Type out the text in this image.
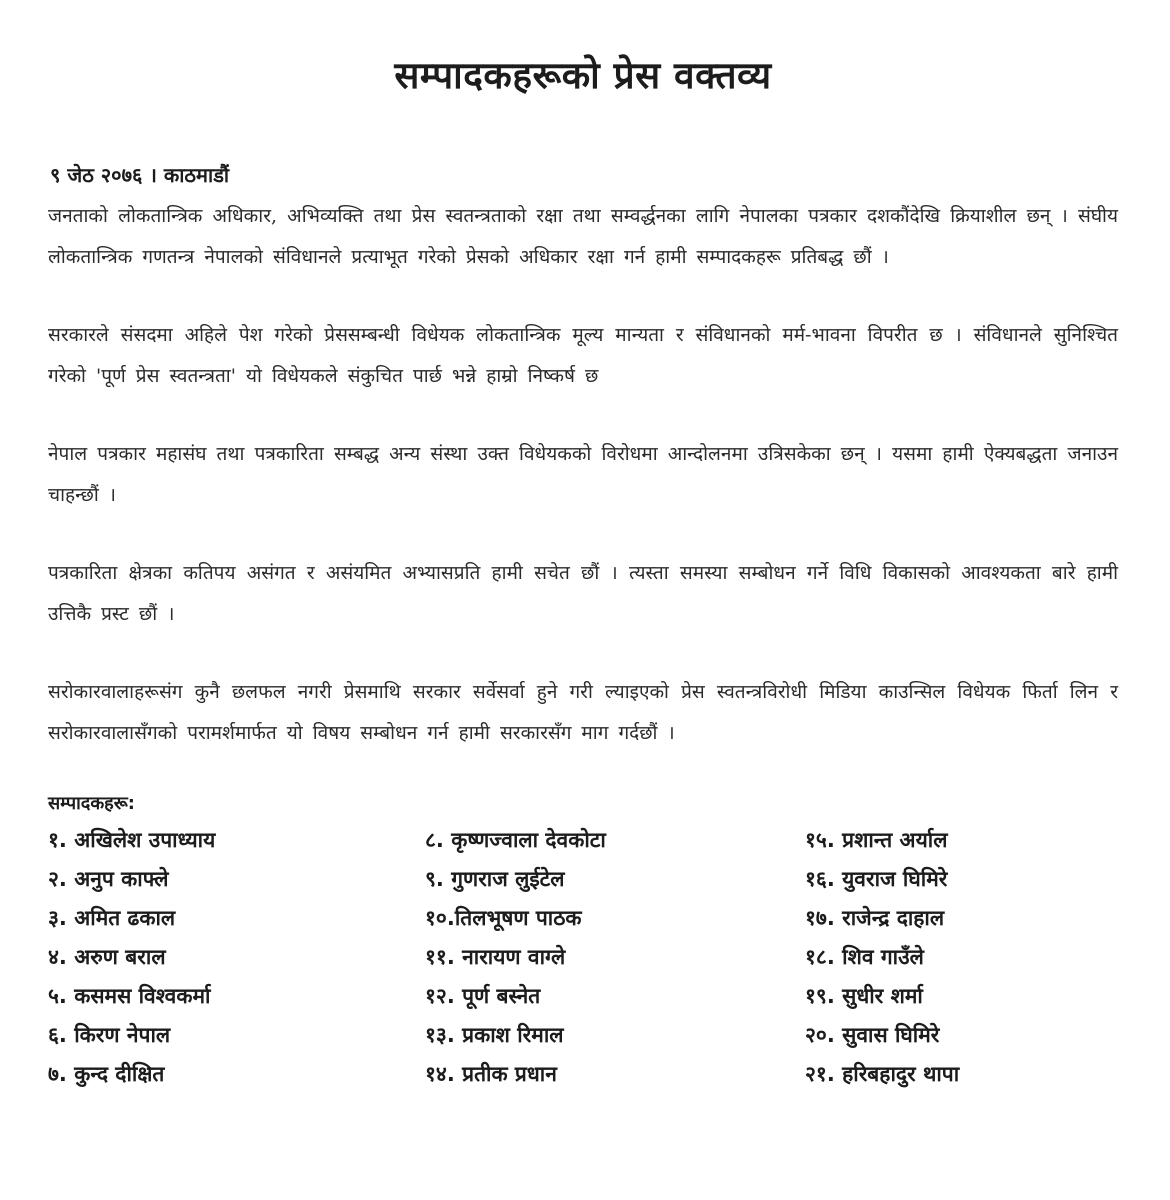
सम्पादकहरूको प्रेस वक्तव्य
९ जेठ २०७६ । काठमाडौं

जनताको लोकतान्त्रिक अधिकार, अभिव्यक्ति तथा प्रेस स्वतन्त्रताको रक्षा तथा सम्वर्द्धनका लागि नेपालका पत्रकार दशकौंदेखि क्रियाशील छन् । संघीय लोकतान्त्रिक गणतन्त्र नेपालको संविधानले प्रत्याभूत गरेको प्रेसको अधिकार रक्षा गर्न हामी सम्पादकहरू प्रतिबद्ध छौं ।

सरकारले संसदमा अहिले पेश गरेको प्रेससम्बन्धी विधेयक लोकतान्त्रिक मूल्य मान्यता र संविधानको मर्म-भावना विपरीत छ । संविधानले सुनिश्चित गरेको 'पूर्ण प्रेस स्वतन्त्रता' यो विधेयकले संकुचित पार्छ भन्ने हाम्रो निष्कर्ष छ

नेपाल पत्रकार महासंघ तथा पत्रकारिता सम्बद्ध अन्य संस्था उक्त विधेयकको विरोधमा आन्दोलनमा उत्रिसकेका छन् । यसमा हामी ऐक्यबद्धता जनाउन चाहन्छौं ।

पत्रकारिता क्षेत्रका कतिपय असंगत र असंयमित अभ्यासप्रति हामी सचेत छौं । त्यस्ता समस्या सम्बोधन गर्ने विधि विकासको आवश्यकता बारे हामी उत्तिकै प्रस्ट छौं ।

सरोकारवालाहरूसंग कुनै छलफल नगरी प्रेसमाथि सरकार सर्वेसर्वा हुने गरी ल्याइएको प्रेस स्वतन्त्रविरोधी मिडिया काउन्सिल विधेयक फिर्ता लिन र सरोकारवालासँगको परामर्शमार्फत यो विषय सम्बोधन गर्न हामी सरकारसँग माग गर्दछौं ।

सम्पादकहरू:
१. अखिलेश उपाध्याय
२. अनुप काफ्ले
३. अमित ढकाल
४. अरुण बराल
५. कसमस विश्वकर्मा
६. किरण नेपाल
७. कुन्द दीक्षित
८. कृष्णज्वाला देवकोटा
९. गुणराज लुईटेल
१०.तिलभूषण पाठक
११. नारायण वाग्ले
१२. पूर्ण बस्नेत
१३. प्रकाश रिमाल
१४. प्रतीक प्रधान
१५. प्रशान्त अर्याल
१६. युवराज घिमिरे
१७. राजेन्द्र दाहाल
१८. शिव गाउँले
१९. सुधीर शर्मा
२०. सुवास घिमिरे
२१. हरिबहादुर थापा
